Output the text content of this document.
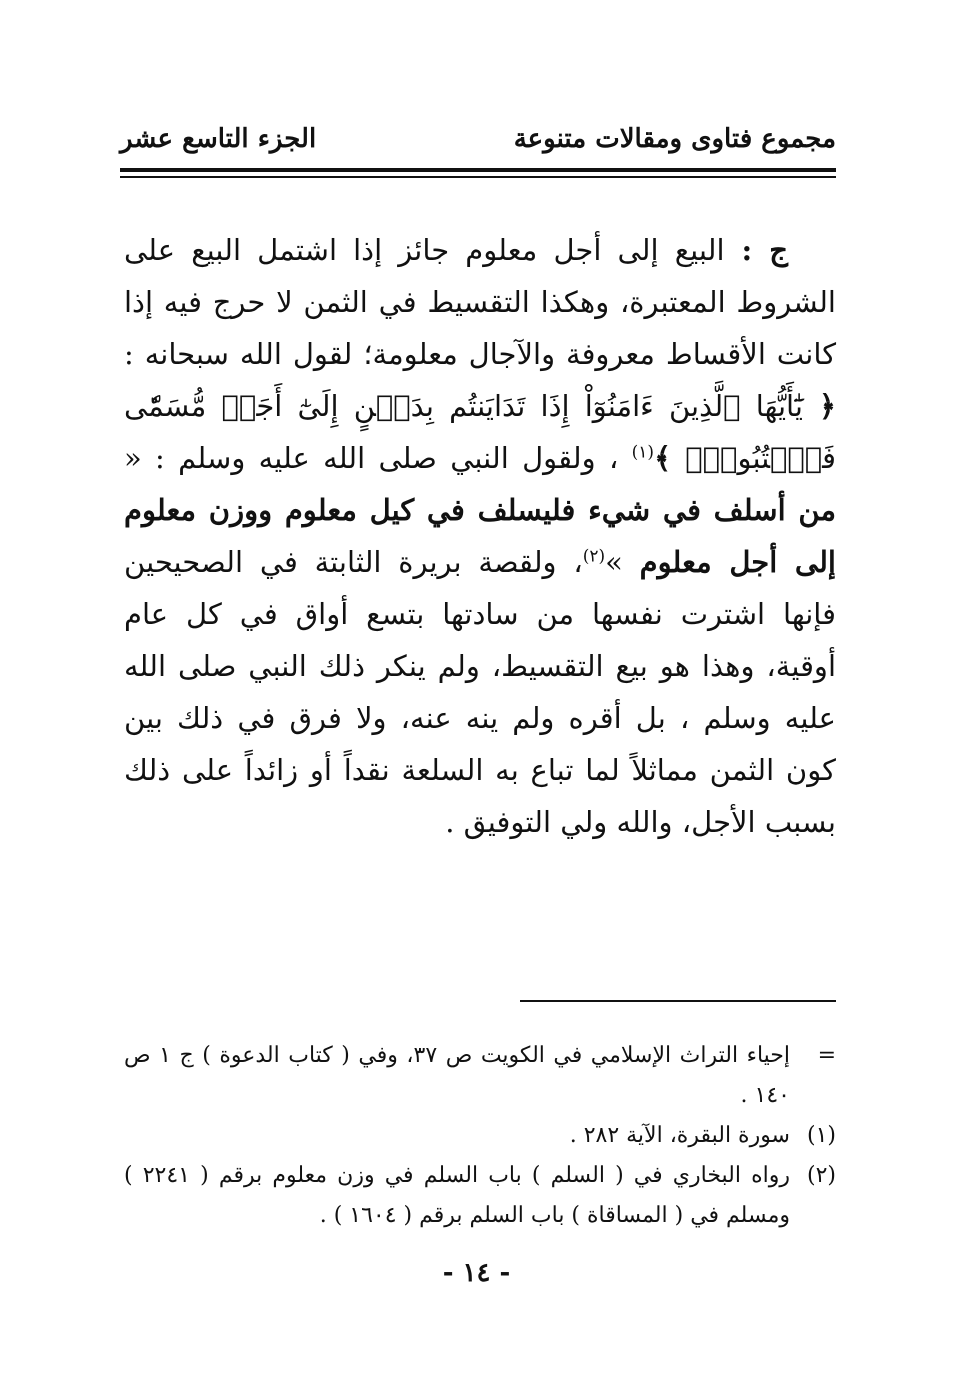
مجموع فتاوى ومقالات متنوعة
الجزء التاسع عشر

ج : البيع إلى أجل معلوم جائز إذا اشتمل البيع على الشروط المعتبرة، وهكذا التقسيط في الثمن لا حرج فيه إذا كانت الأقساط معروفة والآجال معلومة؛ لقول الله سبحانه : ﴿ يَٰٓأَيُّهَا ٱلَّذِينَ ءَامَنُوٓاْ إِذَا تَدَايَنتُم بِدَيۡنٍ إِلَىٰٓ أَجَلٖ مُّسَمّٗى فَٱكۡتُبُوهُۚ ﴾$^{(١)}$ ، ولقول النبي صلى الله عليه وسلم : « من أسلف في شيء فليسلف في كيل معلوم ووزن معلوم إلى أجل معلوم »$^{(٢)}$، ولقصة بريرة الثابتة في الصحيحين فإنها اشترت نفسها من سادتها بتسع أواق في كل عام أوقية، وهذا هو بيع التقسيط، ولم ينكر ذلك النبي صلى الله عليه وسلم ، بل أقره ولم ينه عنه، ولا فرق في ذلك بين كون الثمن مماثلاً لما تباع به السلعة نقداً أو زائداً على ذلك بسبب الأجل، والله ولي التوفيق .

=
إحياء التراث الإسلامي في الكويت ص ٣٧، وفي ( كتاب الدعوة ) ج ١ ص ١٤٠ .
(١)
سورة البقرة، الآية ٢٨٢ .
(٢)
رواه البخاري في ( السلم ) باب السلم في وزن معلوم برقم ( ٢٢٤١ ) ومسلم في ( المساقاة ) باب السلم برقم ( ١٦٠٤ ) .
- ١٤ -
